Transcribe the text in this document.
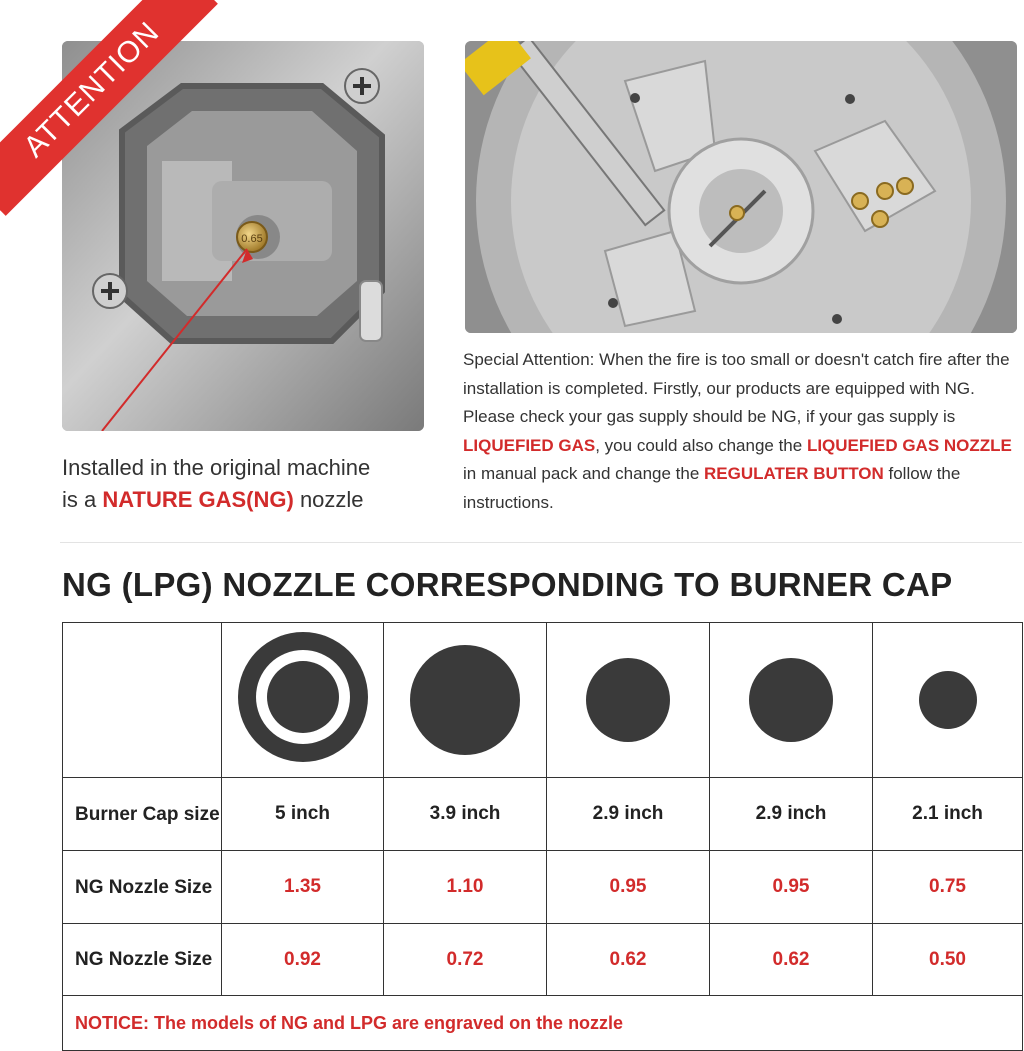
0.65
ATTENTION
Installed in the original machine
is a NATURE GAS(NG) nozzle
Special Attention: When the fire is too small or doesn't catch fire after the installation is completed. Firstly, our products are equipped with NG. Please check your gas supply should be NG, if your gas supply is LIQUEFIED GAS, you could also change the LIQUEFIED GAS NOZZLE in manual pack and change the REGULATER BUTTON follow the instructions.
NG (LPG) NOZZLE CORRESPONDING TO BURNER CAP

Burner Cap size	5 inch	3.9 inch	2.9 inch	2.9 inch	2.1 inch
NG Nozzle Size	1.35	1.10	0.95	0.95	0.75
NG Nozzle Size	0.92	0.72	0.62	0.62	0.50
NOTICE: The models of NG and LPG are engraved on the nozzle					
